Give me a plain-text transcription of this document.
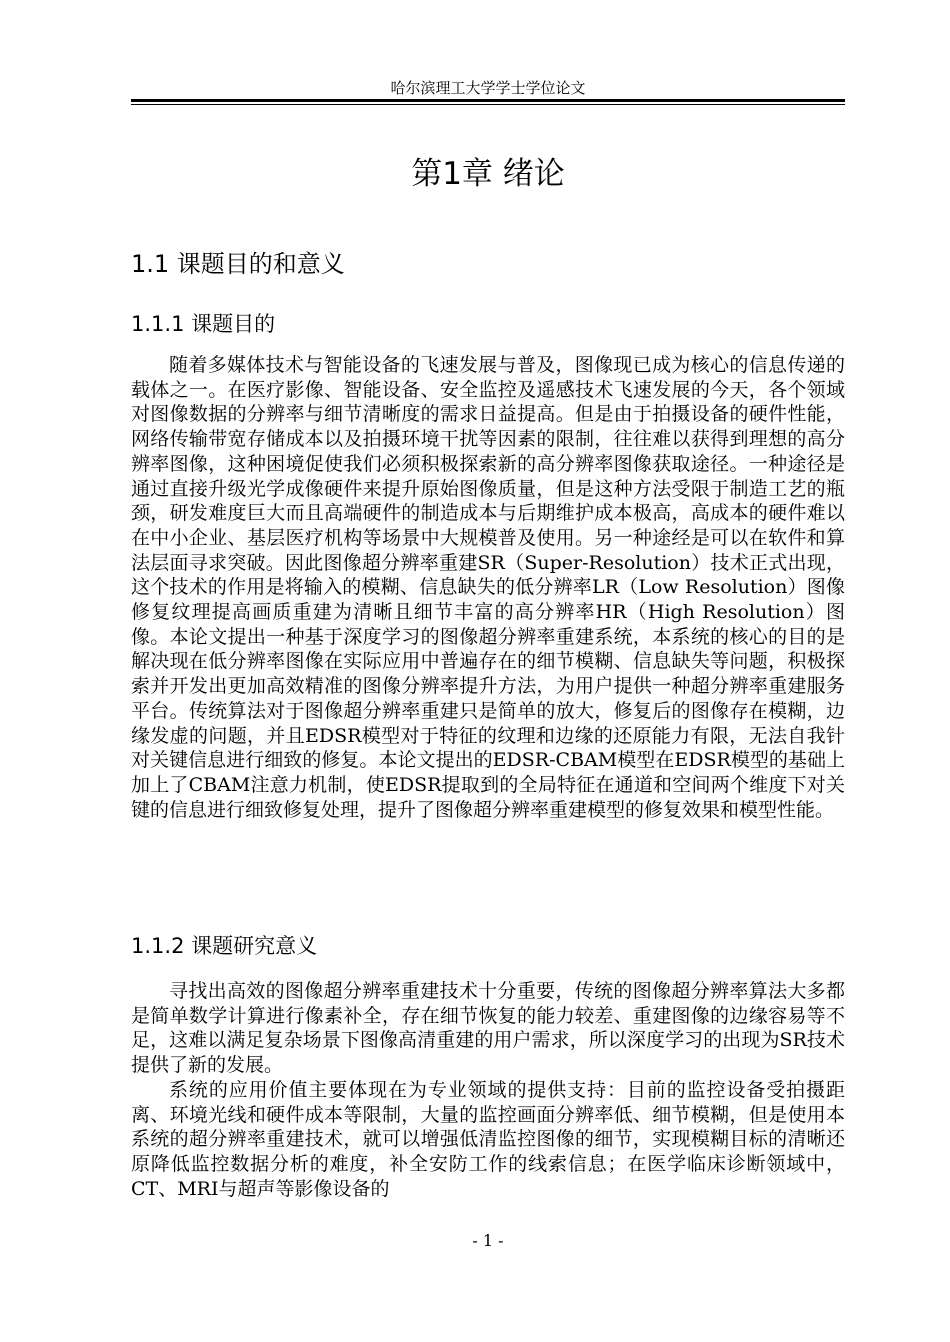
哈尔滨理工大学学士学位论文
第1章 绪论
1.1 课题目的和意义
1.1.1 课题目的

随着多媒体技术与智能设备的飞速发展与普及，图像现已成为核心的信息传递的载体之一。在医疗影像、智能设备、安全监控及遥感技术飞速发展的今天，各个领域对图像数据的分辨率与细节清晰度的需求日益提高。但是由于拍摄设备的硬件性能，网络传输带宽存储成本以及拍摄环境干扰等因素的限制，往往难以获得到理想的高分辨率图像，这种困境促使我们必须积极探索新的高分辨率图像获取途径。一种途径是通过直接升级光学成像硬件来提升原始图像质量，但是这种方法受限于制造工艺的瓶颈，研发难度巨大而且高端硬件的制造成本与后期维护成本极高，高成本的硬件难以在中小企业、基层医疗机构等场景中大规模普及使用。另一种途经是可以在软件和算法层面寻求突破。因此图像超分辨率重建SR（Super-Resolution）技术正式出现，这个技术的作用是将输入的模糊、信息缺失的低分辨率LR（Low Resolution）图像修复纹理提高画质重建为清晰且细节丰富的高分辨率HR（High Resolution）图像。本论文提出一种基于深度学习的图像超分辨率重建系统，本系统的核心的目的是解决现在低分辨率图像在实际应用中普遍存在的细节模糊、信息缺失等问题，积极探索并开发出更加高效精准的图像分辨率提升方法，为用户提供一种超分辨率重建服务平台。传统算法对于图像超分辨率重建只是简单的放大，修复后的图像存在模糊，边缘发虚的问题，并且EDSR模型对于特征的纹理和边缘的还原能力有限，无法自我针对关键信息进行细致的修复。本论文提出的EDSR-CBAM模型在EDSR模型的基础上加上了CBAM注意力机制，使EDSR提取到的全局特征在通道和空间两个维度下对关键的信息进行细致修复处理，提升了图像超分辨率重建模型的修复效果和模型性能。

1.1.2 课题研究意义

寻找出高效的图像超分辨率重建技术十分重要，传统的图像超分辨率算法大多都是简单数学计算进行像素补全，存在细节恢复的能力较差、重建图像的边缘容易等不足，这难以满足复杂场景下图像高清重建的用户需求，所以深度学习的出现为SR技术提供了新的发展。

系统的应用价值主要体现在为专业领域的提供支持：目前的监控设备受拍摄距离、环境光线和硬件成本等限制，大量的监控画面分辨率低、细节模糊，但是使用本系统的超分辨率重建技术，就可以增强低清监控图像的细节，实现模糊目标的清晰还原降低监控数据分析的难度，补全安防工作的线索信息；在医学临床诊断领域中，CT、MRI与超声等影像设备的

- 1 -
